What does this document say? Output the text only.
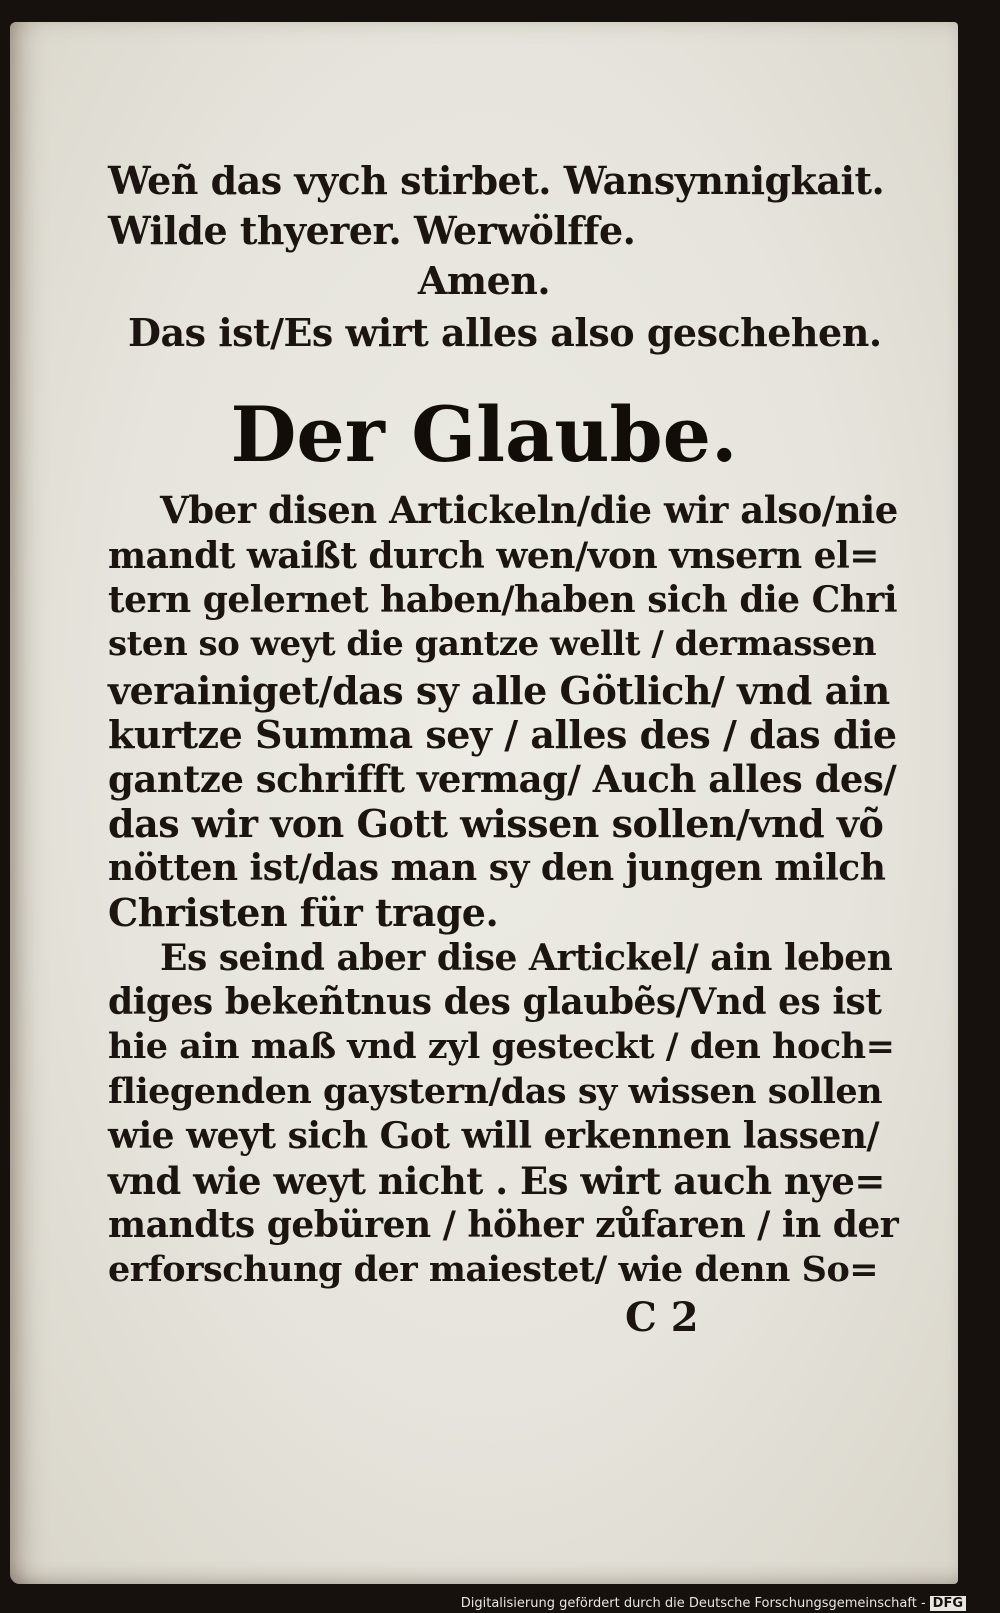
Weñ das vych stirbet. Wansynnigkait.
Wilde thyerer. Werwölffe.
Amen.
Das ist/Es wirt alles also geschehen.
Der Glaube.
Vber disen Artickeln/die wir also/nie
mandt waißt durch wen/von vnsern el=
tern gelernet haben/haben sich die Chri
sten so weyt die gantze wellt / dermassen
verainiget/das sy alle Götlich/ vnd ain
kurtze Summa sey / alles des / das die
gantze schrifft vermag/ Auch alles des/
das wir von Gott wissen sollen/vnd võ
nötten ist/das man sy den jungen milch
Christen für trage.
Es seind aber dise Artickel/ ain leben
diges bekeñtnus des glaubẽs/Vnd es ist
hie ain maß vnd zyl gesteckt / den hoch=
fliegenden gaystern/das sy wissen sollen
wie weyt sich Got will erkennen lassen/
vnd wie weyt nicht . Es wirt auch nye=
mandts gebüren / höher zůfaren / in der
erforschung der maiestet/ wie denn So=
C 2
Digitalisierung gefördert durch die Deutsche Forschungsgemeinschaft - DFG
